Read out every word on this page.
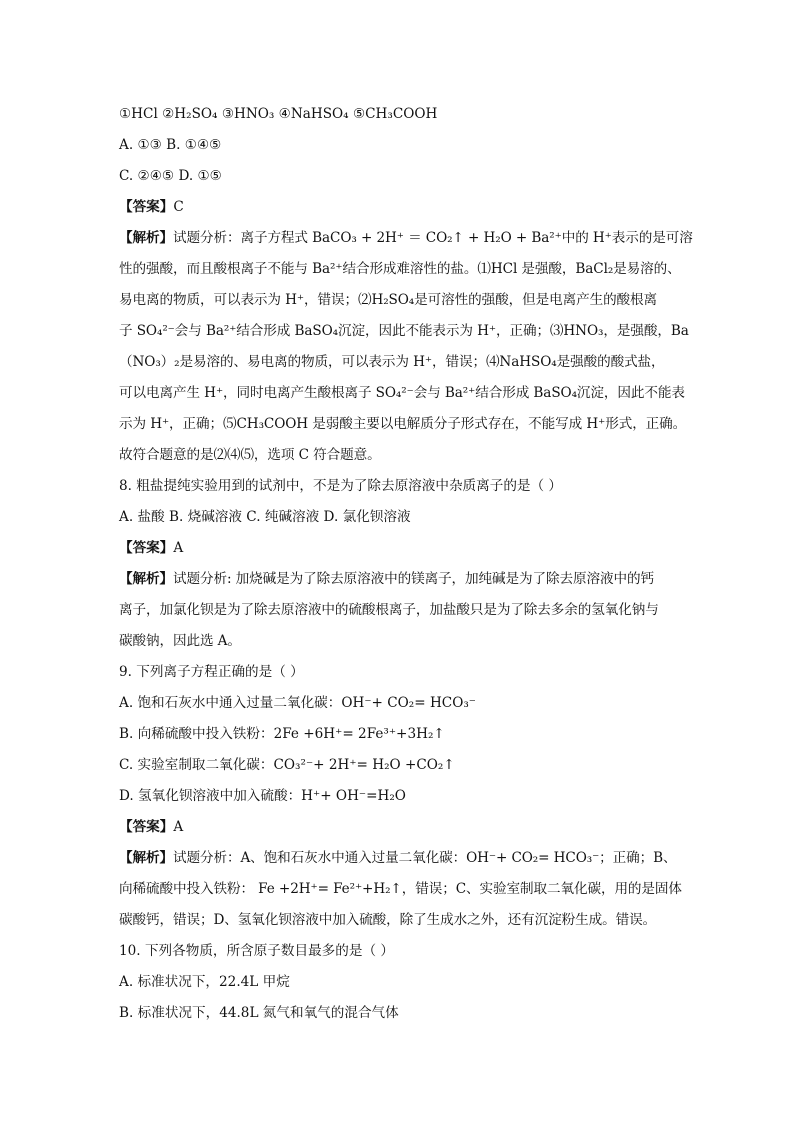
①HCl ②H₂SO₄ ③HNO₃ ④NaHSO₄ ⑤CH₃COOH
A. ①③ B. ①④⑤
C. ②④⑤ D. ①⑤
【答案】C
【解析】试题分析：离子方程式 BaCO₃ + 2H⁺ ＝ CO₂↑ + H₂O + Ba²⁺中的 H⁺表示的是可溶
性的强酸，而且酸根离子不能与 Ba²⁺结合形成难溶性的盐。⑴HCl 是强酸，BaCl₂是易溶的、
易电离的物质，可以表示为 H⁺，错误；⑵H₂SO₄是可溶性的强酸，但是电离产生的酸根离
子 SO₄²⁻会与 Ba²⁺结合形成 BaSO₄沉淀，因此不能表示为 H⁺，正确；⑶HNO₃，是强酸，Ba
（NO₃）₂是易溶的、易电离的物质，可以表示为 H⁺，错误；⑷NaHSO₄是强酸的酸式盐，
可以电离产生 H⁺，同时电离产生酸根离子 SO₄²⁻会与 Ba²⁺结合形成 BaSO₄沉淀，因此不能表
示为 H⁺，正确；⑸CH₃COOH 是弱酸主要以电解质分子形式存在，不能写成 H⁺形式，正确。
故符合题意的是⑵⑷⑸，选项 C 符合题意。
8. 粗盐提纯实验用到的试剂中，不是为了除去原溶液中杂质离子的是（ ）
A. 盐酸 B. 烧碱溶液 C. 纯碱溶液 D. 氯化钡溶液
【答案】A
【解析】试题分析: 加烧碱是为了除去原溶液中的镁离子，加纯碱是为了除去原溶液中的钙
离子，加氯化钡是为了除去原溶液中的硫酸根离子，加盐酸只是为了除去多余的氢氧化钠与
碳酸钠，因此选 A。
9. 下列离子方程正确的是（ ）
A. 饱和石灰水中通入过量二氧化碳：OH⁻+ CO₂= HCO₃⁻
B. 向稀硫酸中投入铁粉：2Fe +6H⁺= 2Fe³⁺+3H₂↑
C. 实验室制取二氧化碳：CO₃²⁻+ 2H⁺= H₂O +CO₂↑
D. 氢氧化钡溶液中加入硫酸：H⁺+ OH⁻=H₂O
【答案】A
【解析】试题分析：A、饱和石灰水中通入过量二氧化碳：OH⁻+ CO₂= HCO₃⁻；正确；B、
向稀硫酸中投入铁粉： Fe +2H⁺= Fe²⁺+H₂↑，错误；C、实验室制取二氧化碳，用的是固体
碳酸钙，错误；D、氢氧化钡溶液中加入硫酸，除了生成水之外，还有沉淀粉生成。错误。
10. 下列各物质，所含原子数目最多的是（ ）
A. 标准状况下，22.4L 甲烷
B. 标准状况下，44.8L 氮气和氧气的混合气体
